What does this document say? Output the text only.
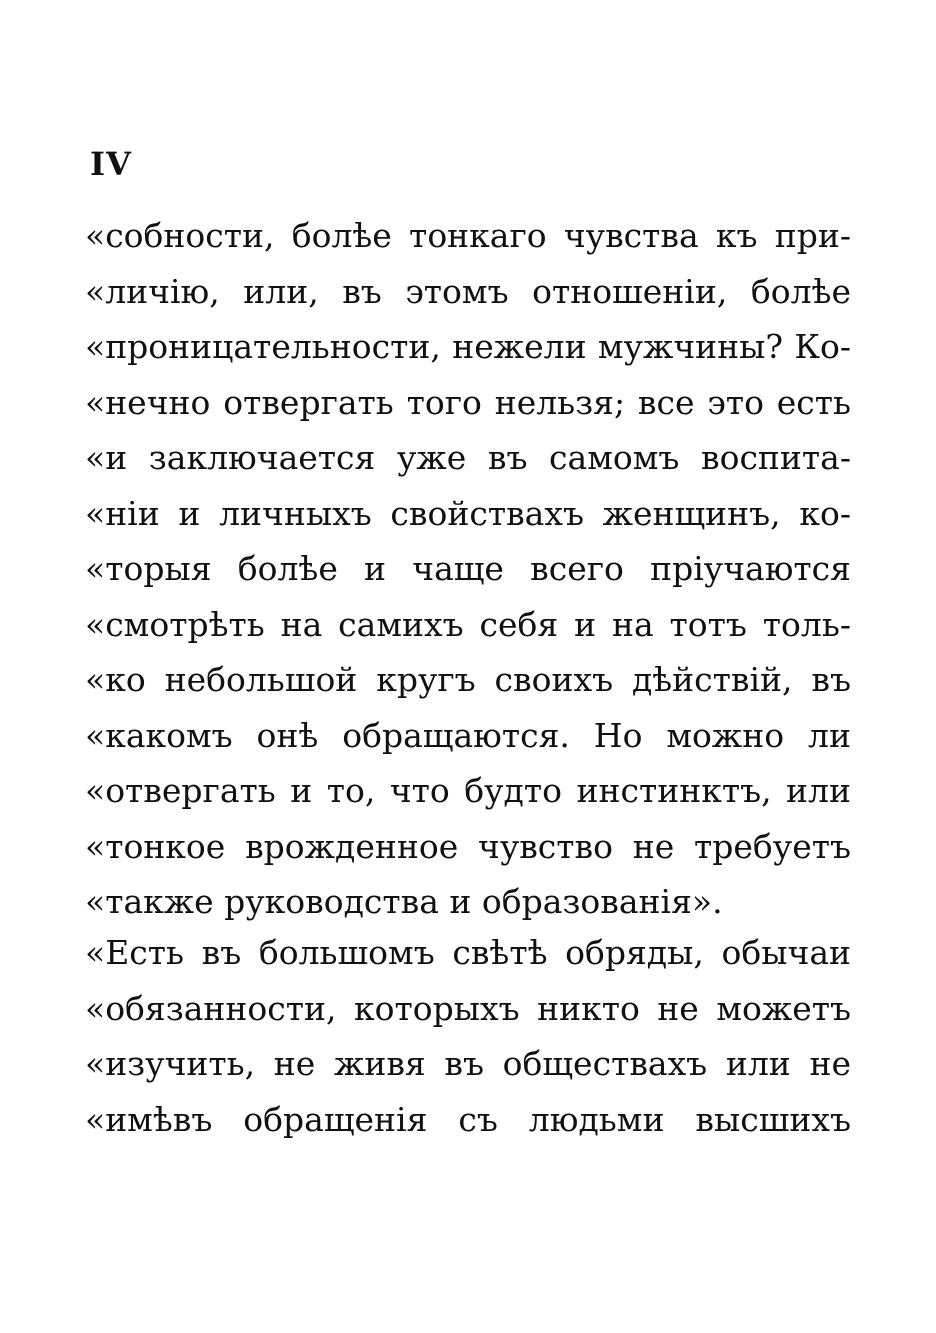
IV
«собности, болѣе тонкаго чувства къ при-
«личію, или, въ этомъ отношеніи, болѣе
«проницательности, нежели мужчины? Ко-
«нечно отвергать того нельзя; все это есть
«и заключается уже въ самомъ воспита-
«ніи и личныхъ свойствахъ женщинъ, ко-
«торыя болѣе и чаще всего пріучаются
«смотрѣть на самихъ себя и на тотъ толь-
«ко небольшой кругъ своихъ дѣйствій, въ
«какомъ онѣ обращаются. Но можно ли
«отвергать и то, что будто инстинктъ, или
«тонкое врожденное чувство не требуетъ
«также руководства и образованія».
«Есть въ большомъ свѣтѣ обряды, обычаи
«обязанности, которыхъ никто не можетъ
«изучить, не живя въ обществахъ или не
«имѣвъ обращенія съ людьми высшихъ
